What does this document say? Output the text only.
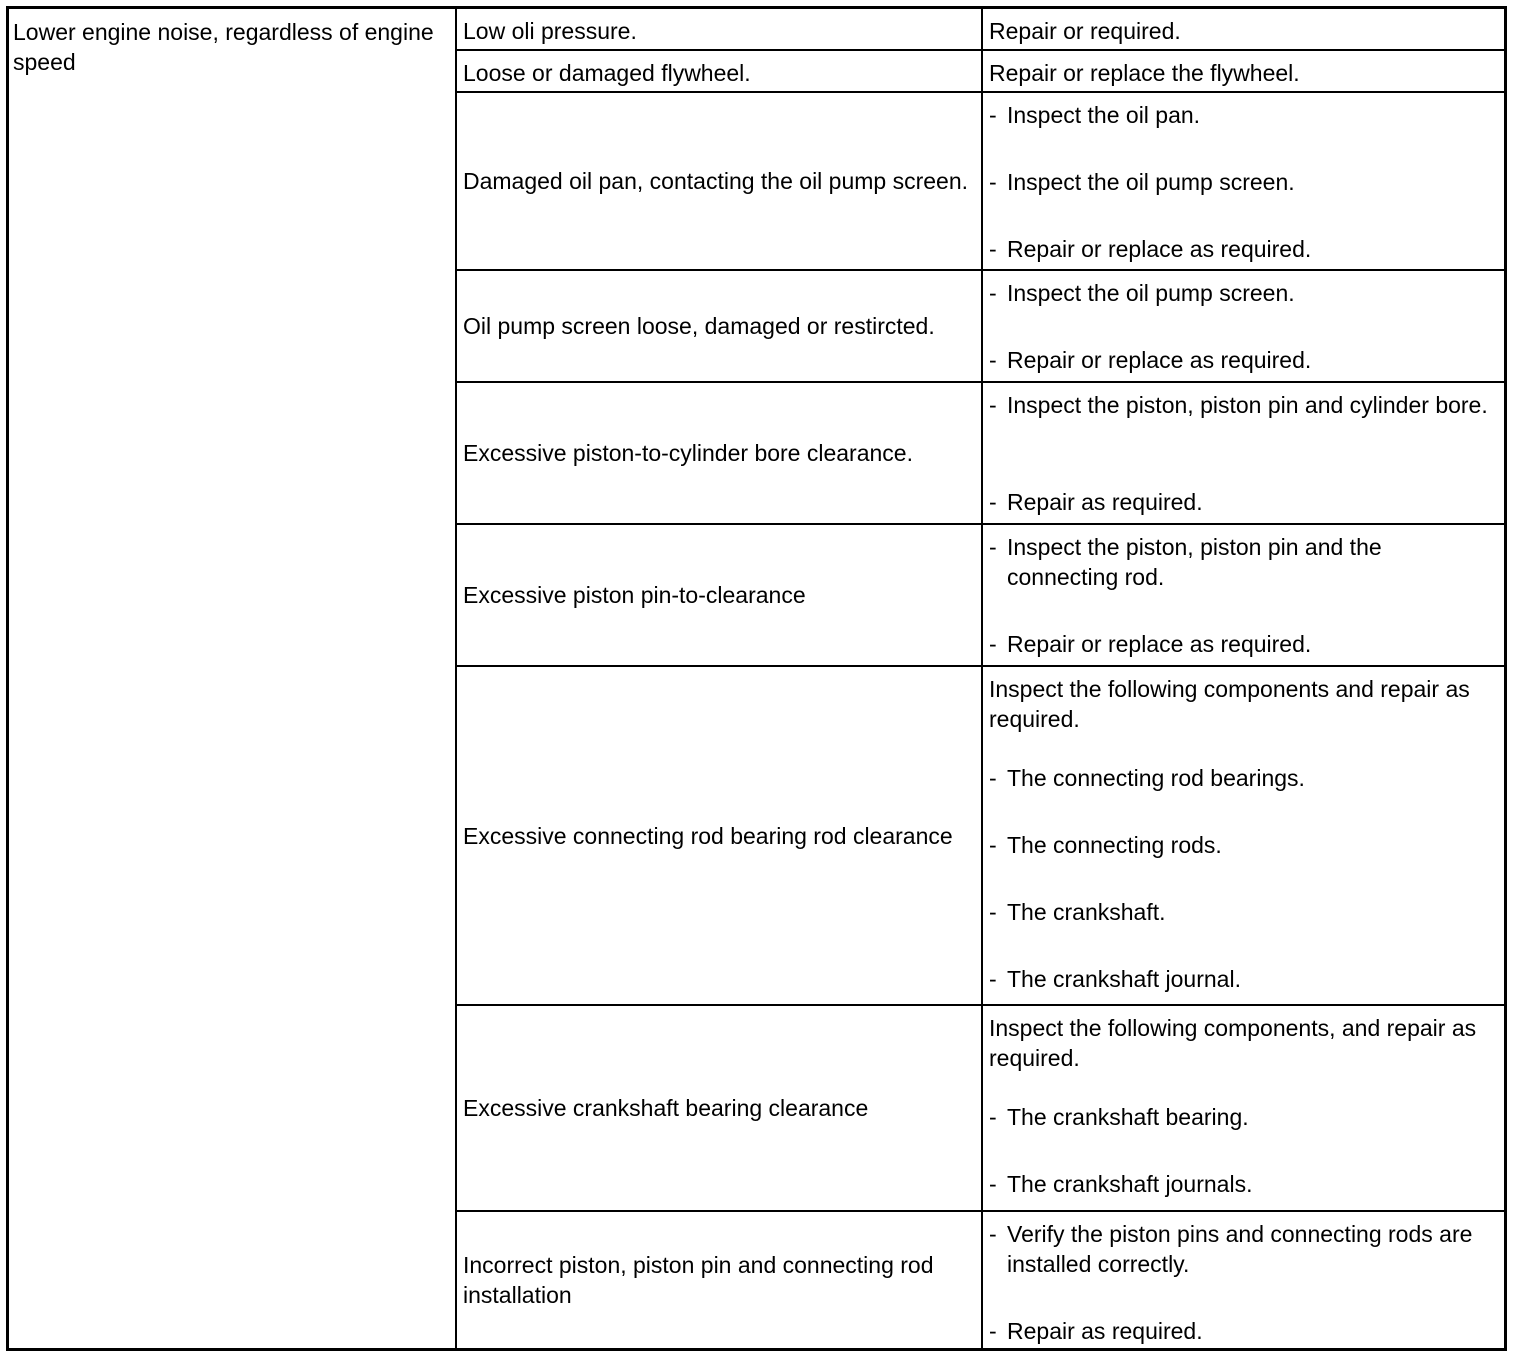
Lower engine noise, regardless of engine speed
Low oli pressure.	Repair or required.
Loose or damaged flywheel.	Repair or replace the flywheel.
Damaged oil pan, contacting the oil pump screen.
- Inspect the oil pan.
- Inspect the oil pump screen.
- Repair or replace as required.
Oil pump screen loose, damaged or restircted.
- Inspect the oil pump screen.
- Repair or replace as required.
Excessive piston-to-cylinder bore clearance.
- Inspect the piston, piston pin and cylinder bore.
- Repair as required.
Excessive piston pin-to-clearance
- Inspect the piston, piston pin and the connecting rod.
- Repair or replace as required.
Excessive connecting rod bearing rod clearance
Inspect the following components and repair as required.
- The connecting rod bearings.
- The connecting rods.
- The crankshaft.
- The crankshaft journal.
Excessive crankshaft bearing clearance
Inspect the following components, and repair as required.
- The crankshaft bearing.
- The crankshaft journals.
Incorrect piston, piston pin and connecting rod installation
- Verify the piston pins and connecting rods are installed correctly.
- Repair as required.
